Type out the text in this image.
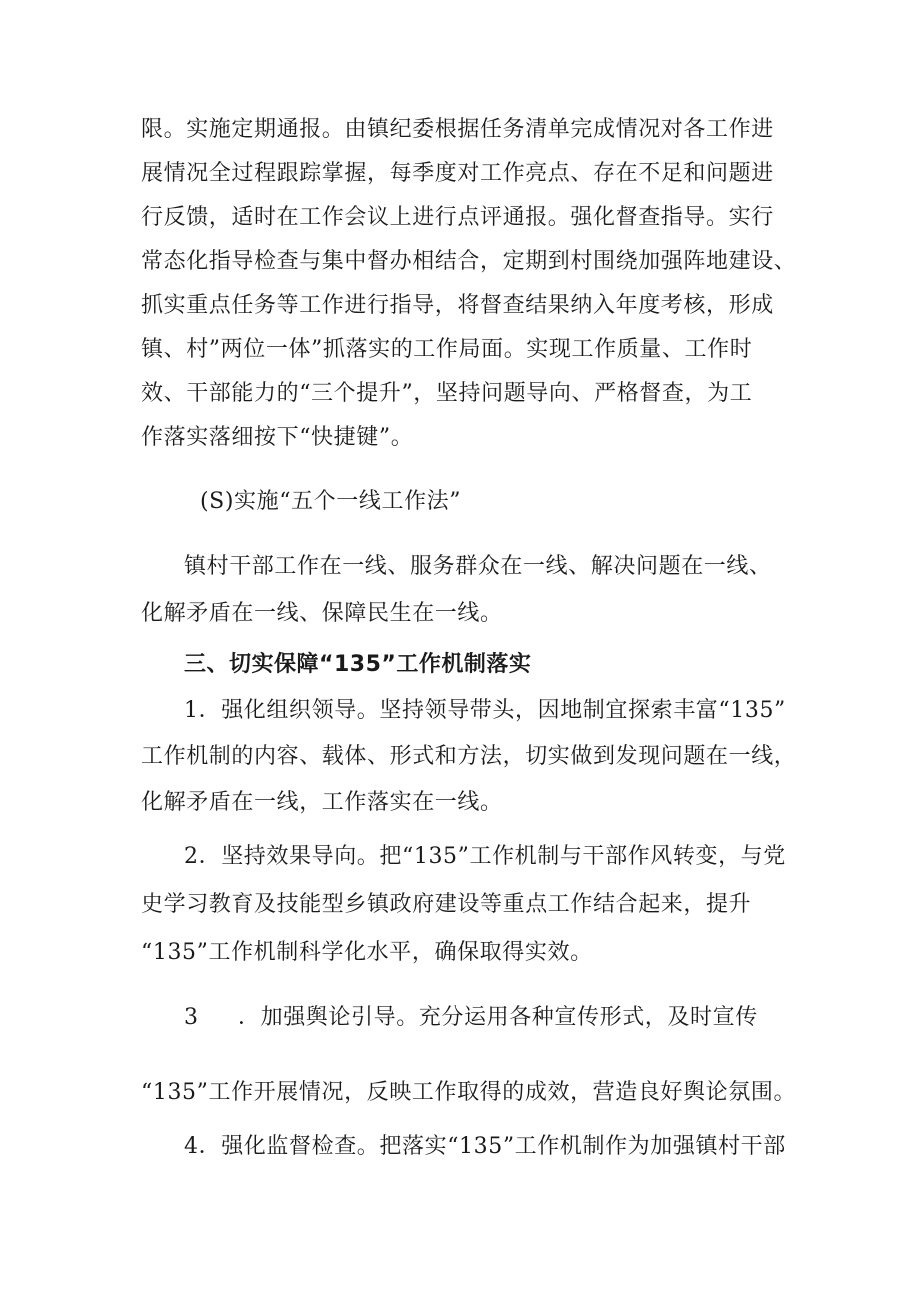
限。实施定期通报。由镇纪委根据任务清单完成情况对各工作进
展情况全过程跟踪掌握，每季度对工作亮点、存在不足和问题进
行反馈，适时在工作会议上进行点评通报。强化督查指导。实行
常态化指导检查与集中督办相结合，定期到村围绕加强阵地建设、
抓实重点任务等工作进行指导，将督查结果纳入年度考核，形成
镇、村”两位一体”抓落实的工作局面。实现工作质量、工作时
效、干部能力的“三个提升”，坚持问题导向、严格督查，为工
作落实落细按下“快捷键”。
(S)实施“五个一线工作法”
镇村干部工作在一线、服务群众在一线、解决问题在一线、
化解矛盾在一线、保障民生在一线。
三、切实保障“135”工作机制落实
1．强化组织领导。坚持领导带头，因地制宜探索丰富“135”
工作机制的内容、载体、形式和方法，切实做到发现问题在一线，
化解矛盾在一线，工作落实在一线。
2．坚持效果导向。把“135”工作机制与干部作风转变，与党
史学习教育及技能型乡镇政府建设等重点工作结合起来，提升
“135”工作机制科学化水平，确保取得实效。
3 ．加强舆论引导。充分运用各种宣传形式，及时宣传
“135”工作开展情况，反映工作取得的成效，营造良好舆论氛围。
4．强化监督检查。把落实“135”工作机制作为加强镇村干部
